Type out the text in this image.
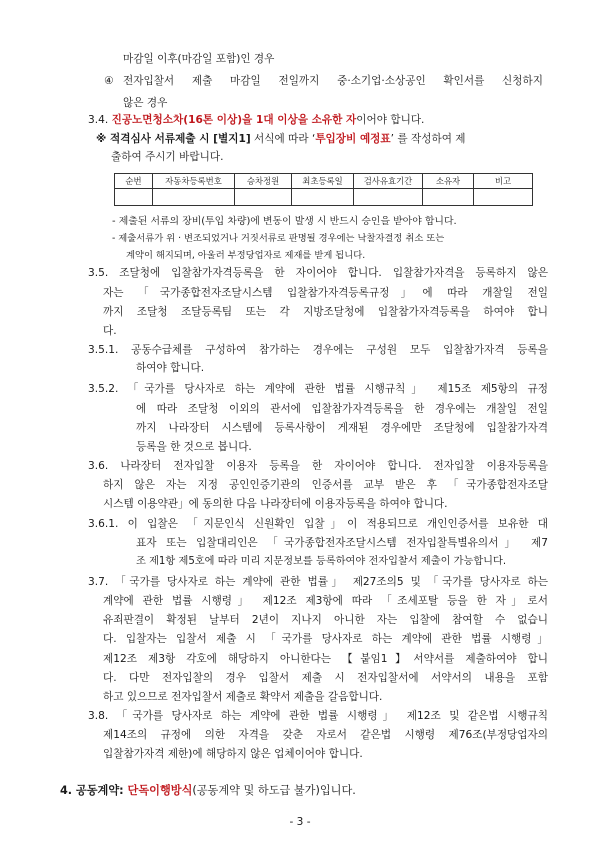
마감일 이후(마감일 포함)인 경우
④ 전자입찰서 제출 마감일 전일까지 중·소기업·소상공인 확인서를 신청하지
않은 경우
3.4. 진공노면청소차(16톤 이상)을 1대 이상을 소유한 자이어야 합니다.
※ 적격심사 서류제출 시 [별지1] 서식에 따라 ‘투입장비 예정표’ 를 작성하여 제
출하여 주시기 바랍니다.
순번	자동차등록번호	승차정원	최초등록일	검사유효기간	소유자	비고

- 제출된 서류의 장비(투입 차량)에 변동이 발생 시 반드시 승인을 받아야 합니다.
- 제출서류가 위 · 변조되었거나 거짓서류로 판명될 경우에는 낙찰자결정 취소 또는
계약이 해지되며, 아울러 부정당업자로 제재를 받게 됩니다.
3.5. 조달청에 입찰참가자격등록을 한 자이어야 합니다. 입찰참가자격을 등록하지 않은
자는 「국가종합전자조달시스템 입찰참가자격등록규정」에 따라 개찰일 전일
까지 조달청 조달등록팀 또는 각 지방조달청에 입찰참가자격등록을 하여야 합니
다.
3.5.1. 공동수급체를 구성하여 참가하는 경우에는 구성원 모두 입찰참가자격 등록을
하여야 합니다.
3.5.2. 「국가를 당사자로 하는 계약에 관한 법률 시행규칙」 제15조 제5항의 규정
에 따라 조달청 이외의 관서에 입찰참가자격등록을 한 경우에는 개찰일 전일
까지 나라장터 시스템에 등록사항이 게재된 경우에만 조달청에 입찰참가자격
등록을 한 것으로 봅니다.
3.6. 나라장터 전자입찰 이용자 등록을 한 자이어야 합니다. 전자입찰 이용자등록을
하지 않은 자는 지정 공인인증기관의 인증서를 교부 받은 후 「국가종합전자조달
시스템 이용약관」에 동의한 다음 나라장터에 이용자등록을 하여야 합니다.
3.6.1. 이 입찰은 「지문인식 신원확인 입찰」이 적용되므로 개인인증서를 보유한 대
표자 또는 입찰대리인은 「국가종합전자조달시스템 전자입찰특별유의서」 제7
조 제1항 제5호에 따라 미리 지문정보를 등록하여야 전자입찰서 제출이 가능합니다.
3.7. 「국가를 당사자로 하는 계약에 관한 법률」 제27조의5 및 「국가를 당사자로 하는
계약에 관한 법률 시행령」 제12조 제3항에 따라 「조세포탈 등을 한 자」로서
유죄판결이 확정된 날부터 2년이 지나지 아니한 자는 입찰에 참여할 수 없습니
다. 입찰자는 입찰서 제출 시 「국가를 당사자로 하는 계약에 관한 법률 시행령」
제12조 제3항 각호에 해당하지 아니한다는 【붙임1】서약서를 제출하여야 합니
다. 다만 전자입찰의 경우 입찰서 제출 시 전자입찰서에 서약서의 내용을 포함
하고 있으므로 전자입찰서 제출로 확약서 제출을 갈음합니다.
3.8. 「국가를 당사자로 하는 계약에 관한 법률 시행령」 제12조 및 같은법 시행규칙
제14조의 규정에 의한 자격을 갖춘 자로서 같은법 시행령 제76조(부정당업자의
입찰참가자격 제한)에 해당하지 않은 업체이어야 합니다.
4. 공동계약: 단독이행방식(공동계약 및 하도급 불가)입니다.
- 3 -
